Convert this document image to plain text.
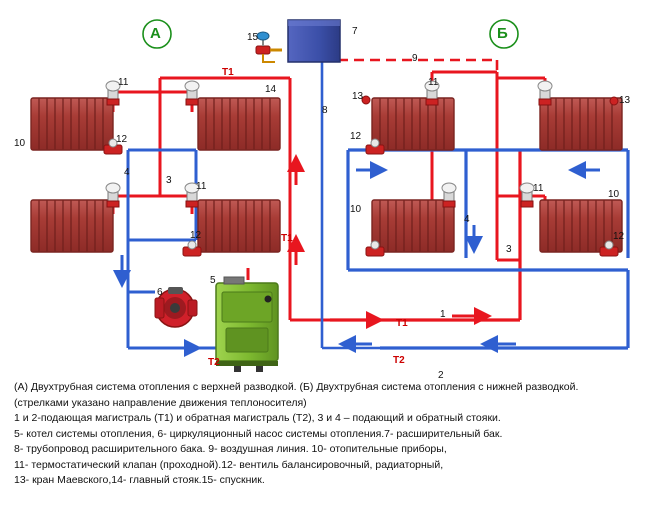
А	Б
11
15
7
9
Т1
14
8
13
11
13
12
10
12
4
3
11
10
4
11
10
12
3
12
Т1
6
5
1
Т1
Т2	Т2
2

(А) Двухтрубная система отопления с верхней разводкой. (Б) Двухтрубная система отопления с нижней разводкой.

(стрелками указано направление движения теплоносителя)

1 и 2-подающая магистраль (Т1) и обратная магистраль (Т2), 3 и 4 – подающий и обратный стояки.

5- котел системы отопления, 6- циркуляционный насос системы отопления.7- расширительный бак.

8- трубопровод расширительного бака. 9- воздушная линия. 10- отопительные приборы,

11- термостатический клапан (проходной).12- вентиль балансировочный, радиаторный,

13- кран Маевского,14- главный стояк.15- спускник.
